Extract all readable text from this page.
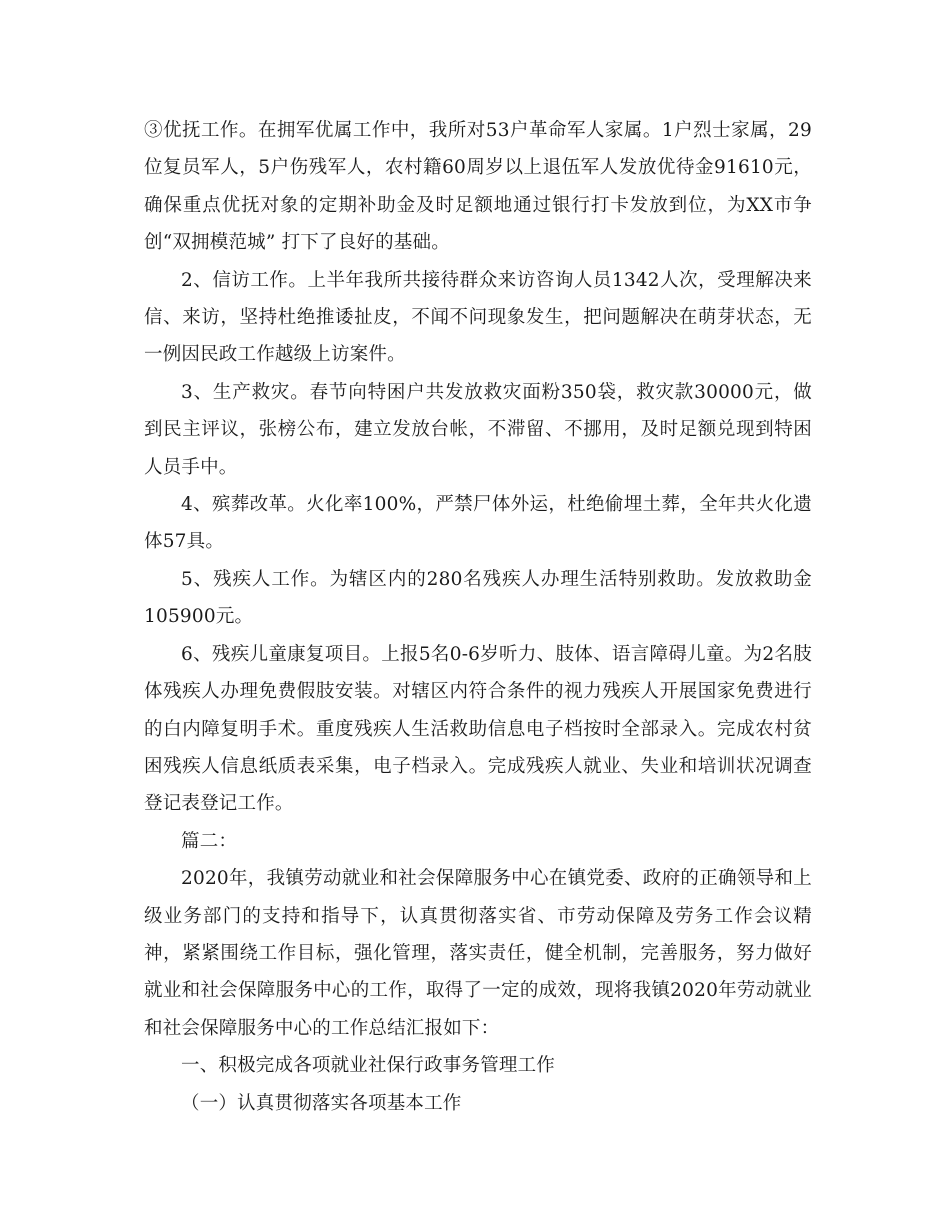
③优抚工作。在拥军优属工作中，我所对53户革命军人家属。1户烈士家属，29位复员军人，5户伤残军人，农村籍60周岁以上退伍军人发放优待金91610元，确保重点优抚对象的定期补助金及时足额地通过银行打卡发放到位，为XX市争创“双拥模范城” 打下了良好的基础。

2、信访工作。上半年我所共接待群众来访咨询人员1342人次，受理解决来信、来访，坚持杜绝推诿扯皮，不闻不问现象发生，把问题解决在萌芽状态，无一例因民政工作越级上访案件。

3、生产救灾。春节向特困户共发放救灾面粉350袋，救灾款30000元，做到民主评议，张榜公布，建立发放台帐，不滞留、不挪用，及时足额兑现到特困人员手中。

4、殡葬改革。火化率100%，严禁尸体外运，杜绝偷埋土葬，全年共火化遗体57具。

5、残疾人工作。为辖区内的280名残疾人办理生活特别救助。发放救助金105900元。

6、残疾儿童康复项目。上报5名0-6岁听力、肢体、语言障碍儿童。为2名肢体残疾人办理免费假肢安装。对辖区内符合条件的视力残疾人开展国家免费进行的白内障复明手术。重度残疾人生活救助信息电子档按时全部录入。完成农村贫困残疾人信息纸质表采集，电子档录入。完成残疾人就业、失业和培训状况调查登记表登记工作。

篇二：

2020年，我镇劳动就业和社会保障服务中心在镇党委、政府的正确领导和上级业务部门的支持和指导下，认真贯彻落实省、市劳动保障及劳务工作会议精神，紧紧围绕工作目标，强化管理，落实责任，健全机制，完善服务，努力做好就业和社会保障服务中心的工作，取得了一定的成效，现将我镇2020年劳动就业和社会保障服务中心的工作总结汇报如下：

一、积极完成各项就业社保行政事务管理工作

（一）认真贯彻落实各项基本工作
